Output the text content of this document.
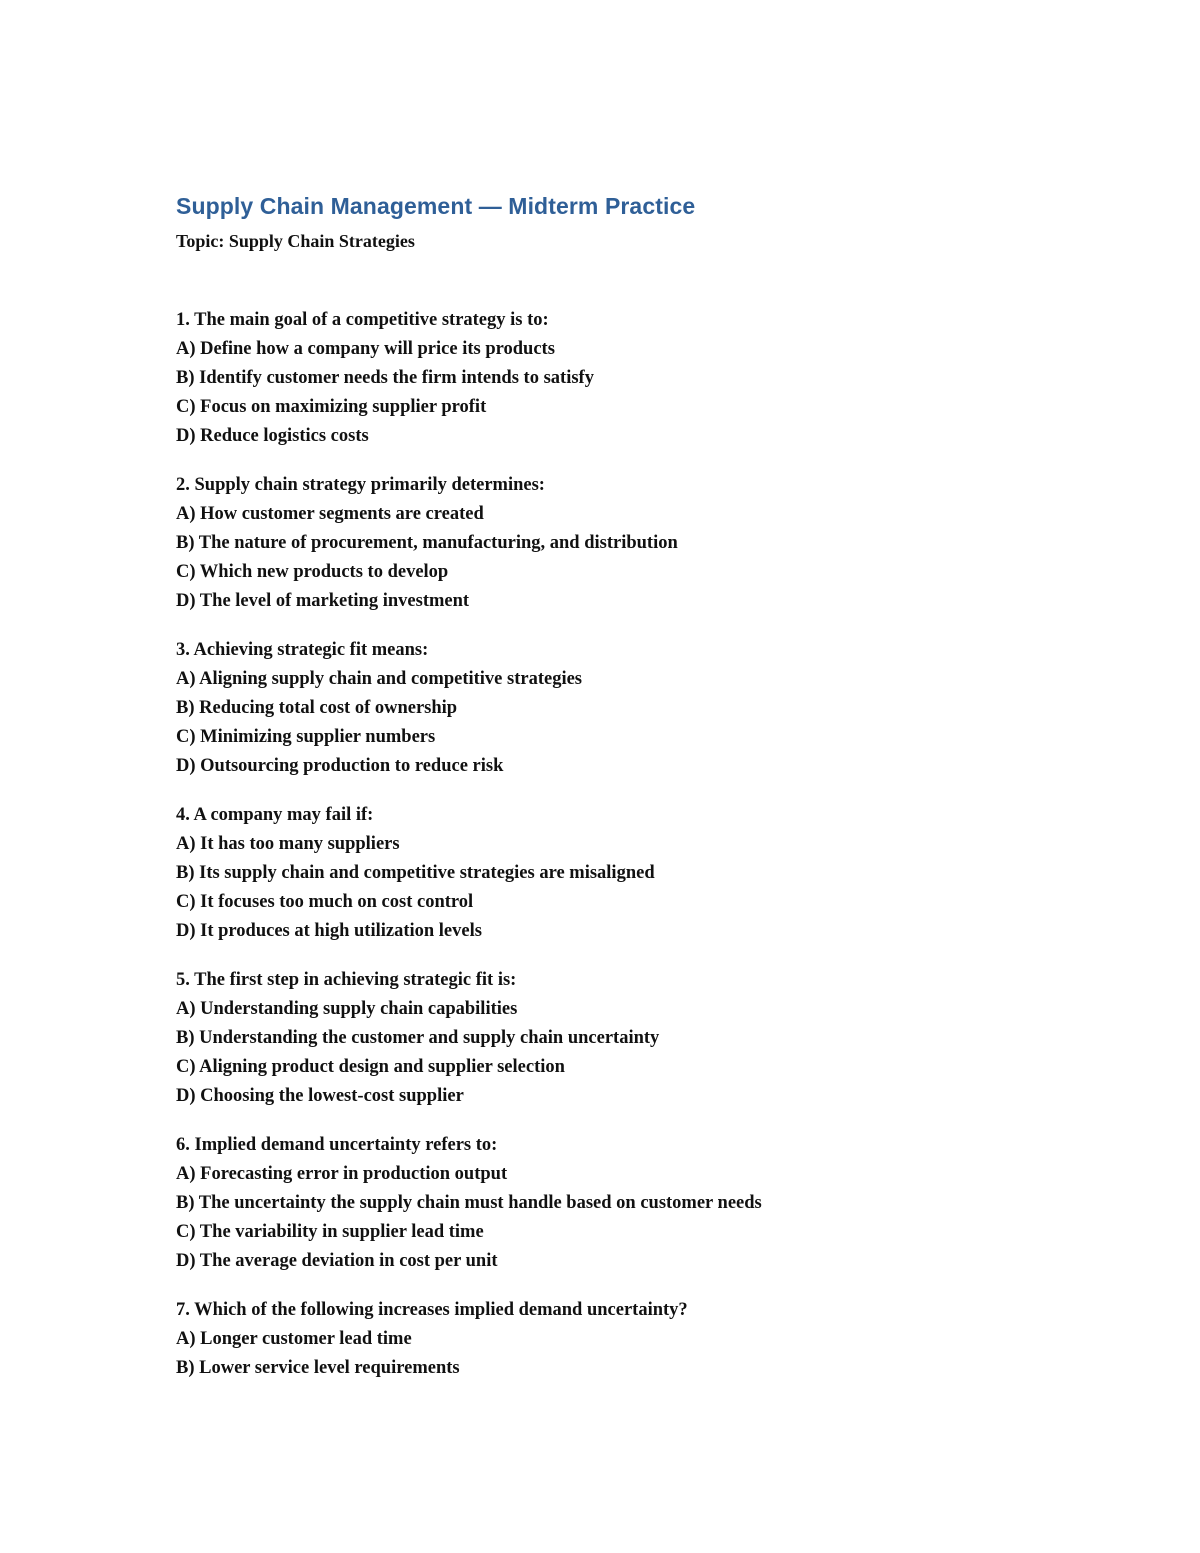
Supply Chain Management — Midterm Practice
Topic: Supply Chain Strategies
1. The main goal of a competitive strategy is to:
A) Define how a company will price its products
B) Identify customer needs the firm intends to satisfy
C) Focus on maximizing supplier profit
D) Reduce logistics costs
2. Supply chain strategy primarily determines:
A) How customer segments are created
B) The nature of procurement, manufacturing, and distribution
C) Which new products to develop
D) The level of marketing investment
3. Achieving strategic fit means:
A) Aligning supply chain and competitive strategies
B) Reducing total cost of ownership
C) Minimizing supplier numbers
D) Outsourcing production to reduce risk
4. A company may fail if:
A) It has too many suppliers
B) Its supply chain and competitive strategies are misaligned
C) It focuses too much on cost control
D) It produces at high utilization levels
5. The first step in achieving strategic fit is:
A) Understanding supply chain capabilities
B) Understanding the customer and supply chain uncertainty
C) Aligning product design and supplier selection
D) Choosing the lowest-cost supplier
6. Implied demand uncertainty refers to:
A) Forecasting error in production output
B) The uncertainty the supply chain must handle based on customer needs
C) The variability in supplier lead time
D) The average deviation in cost per unit
7. Which of the following increases implied demand uncertainty?
A) Longer customer lead time
B) Lower service level requirements
